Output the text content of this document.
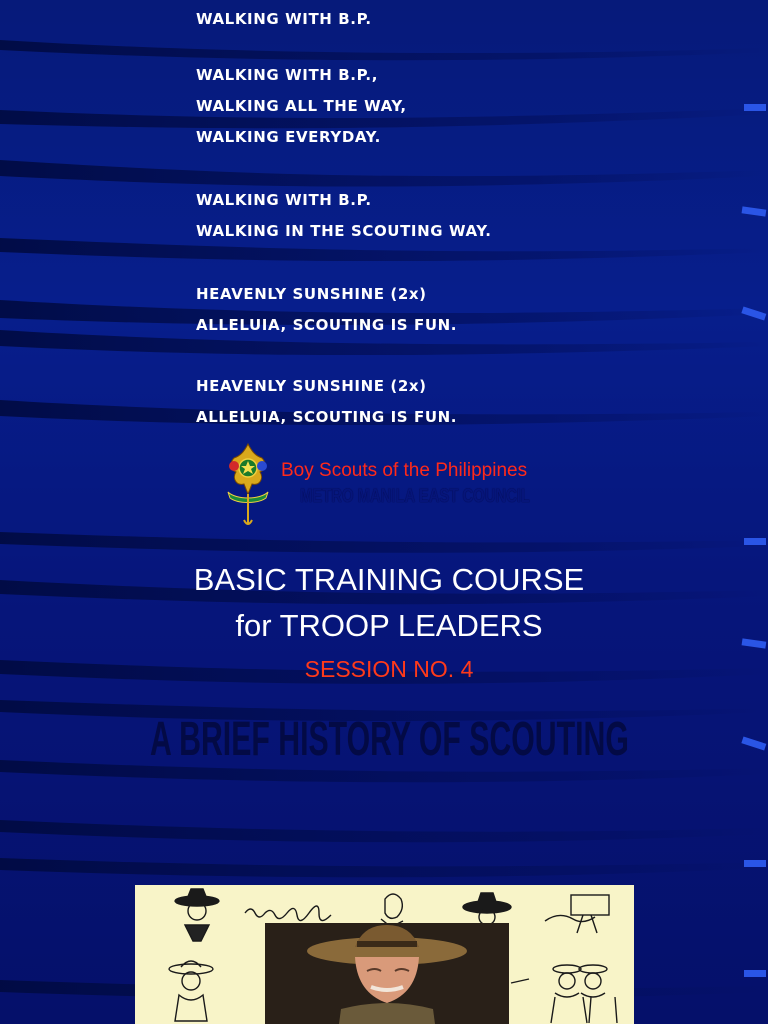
WALKING WITH B.P.
WALKING WITH B.P.,
WALKING ALL THE WAY,
WALKING EVERYDAY.
WALKING WITH B.P.
WALKING IN THE SCOUTING WAY.
HEAVENLY SUNSHINE (2x)
ALLELUIA, SCOUTING IS FUN.
HEAVENLY SUNSHINE (2x)
ALLELUIA, SCOUTING IS FUN.
Boy Scouts of the Philippines
METRO MANILA EAST COUNCIL
BASIC TRAINING COURSE
for TROOP LEADERS
SESSION NO. 4
A BRIEF HISTORY OF SCOUTING
